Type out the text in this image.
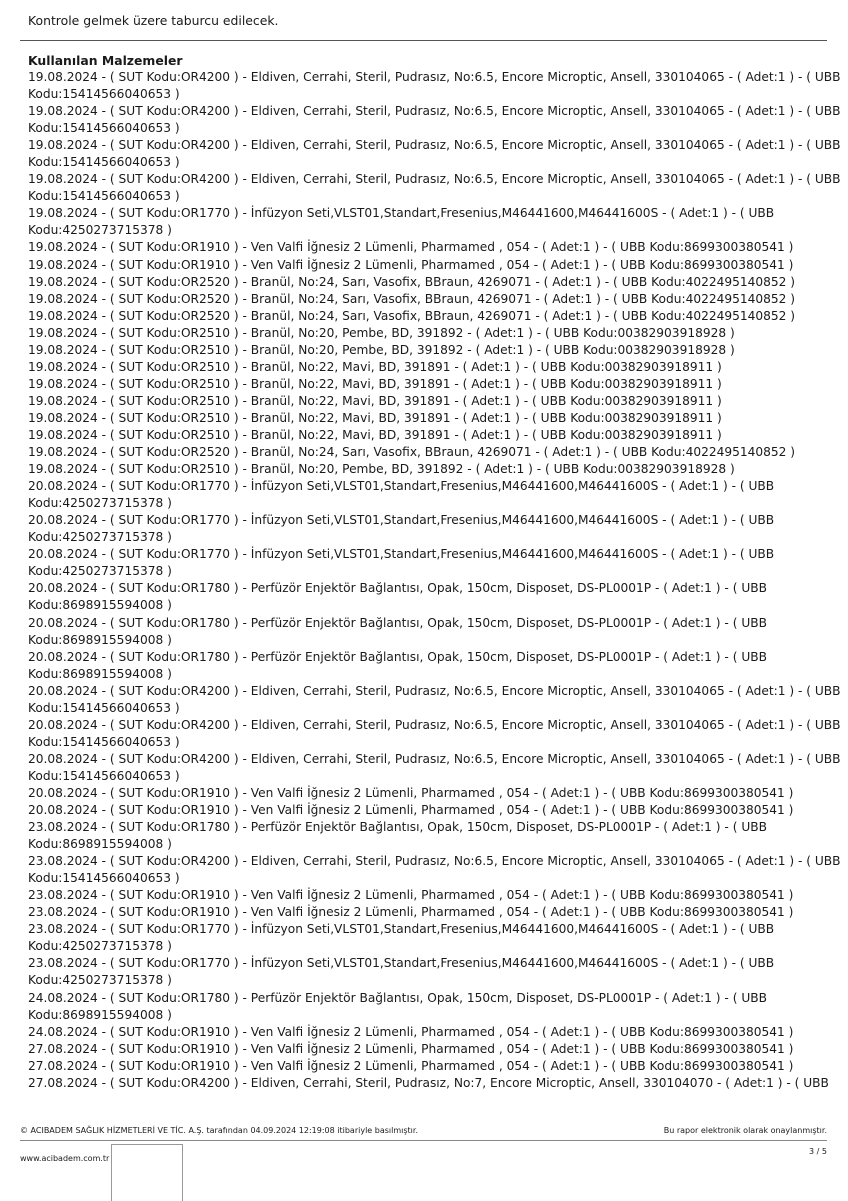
Kontrole gelmek üzere taburcu edilecek.
Kullanılan Malzemeler
19.08.2024 - ( SUT Kodu:OR4200 ) - Eldiven, Cerrahi, Steril, Pudrasız, No:6.5, Encore Microptic, Ansell, 330104065 - ( Adet:1 ) - ( UBB
Kodu:15414566040653 )
19.08.2024 - ( SUT Kodu:OR4200 ) - Eldiven, Cerrahi, Steril, Pudrasız, No:6.5, Encore Microptic, Ansell, 330104065 - ( Adet:1 ) - ( UBB
Kodu:15414566040653 )
19.08.2024 - ( SUT Kodu:OR4200 ) - Eldiven, Cerrahi, Steril, Pudrasız, No:6.5, Encore Microptic, Ansell, 330104065 - ( Adet:1 ) - ( UBB
Kodu:15414566040653 )
19.08.2024 - ( SUT Kodu:OR4200 ) - Eldiven, Cerrahi, Steril, Pudrasız, No:6.5, Encore Microptic, Ansell, 330104065 - ( Adet:1 ) - ( UBB
Kodu:15414566040653 )
19.08.2024 - ( SUT Kodu:OR1770 ) - İnfüzyon Seti,VLST01,Standart,Fresenius,M46441600,M46441600S - ( Adet:1 ) - ( UBB
Kodu:4250273715378 )
19.08.2024 - ( SUT Kodu:OR1910 ) - Ven Valfi İğnesiz 2 Lümenli, Pharmamed , 054 - ( Adet:1 ) - ( UBB Kodu:8699300380541 )
19.08.2024 - ( SUT Kodu:OR1910 ) - Ven Valfi İğnesiz 2 Lümenli, Pharmamed , 054 - ( Adet:1 ) - ( UBB Kodu:8699300380541 )
19.08.2024 - ( SUT Kodu:OR2520 ) - Branül, No:24, Sarı, Vasofix, BBraun, 4269071 - ( Adet:1 ) - ( UBB Kodu:4022495140852 )
19.08.2024 - ( SUT Kodu:OR2520 ) - Branül, No:24, Sarı, Vasofix, BBraun, 4269071 - ( Adet:1 ) - ( UBB Kodu:4022495140852 )
19.08.2024 - ( SUT Kodu:OR2520 ) - Branül, No:24, Sarı, Vasofix, BBraun, 4269071 - ( Adet:1 ) - ( UBB Kodu:4022495140852 )
19.08.2024 - ( SUT Kodu:OR2510 ) - Branül, No:20, Pembe, BD, 391892 - ( Adet:1 ) - ( UBB Kodu:00382903918928 )
19.08.2024 - ( SUT Kodu:OR2510 ) - Branül, No:20, Pembe, BD, 391892 - ( Adet:1 ) - ( UBB Kodu:00382903918928 )
19.08.2024 - ( SUT Kodu:OR2510 ) - Branül, No:22, Mavi, BD, 391891 - ( Adet:1 ) - ( UBB Kodu:00382903918911 )
19.08.2024 - ( SUT Kodu:OR2510 ) - Branül, No:22, Mavi, BD, 391891 - ( Adet:1 ) - ( UBB Kodu:00382903918911 )
19.08.2024 - ( SUT Kodu:OR2510 ) - Branül, No:22, Mavi, BD, 391891 - ( Adet:1 ) - ( UBB Kodu:00382903918911 )
19.08.2024 - ( SUT Kodu:OR2510 ) - Branül, No:22, Mavi, BD, 391891 - ( Adet:1 ) - ( UBB Kodu:00382903918911 )
19.08.2024 - ( SUT Kodu:OR2510 ) - Branül, No:22, Mavi, BD, 391891 - ( Adet:1 ) - ( UBB Kodu:00382903918911 )
19.08.2024 - ( SUT Kodu:OR2520 ) - Branül, No:24, Sarı, Vasofix, BBraun, 4269071 - ( Adet:1 ) - ( UBB Kodu:4022495140852 )
19.08.2024 - ( SUT Kodu:OR2510 ) - Branül, No:20, Pembe, BD, 391892 - ( Adet:1 ) - ( UBB Kodu:00382903918928 )
20.08.2024 - ( SUT Kodu:OR1770 ) - İnfüzyon Seti,VLST01,Standart,Fresenius,M46441600,M46441600S - ( Adet:1 ) - ( UBB
Kodu:4250273715378 )
20.08.2024 - ( SUT Kodu:OR1770 ) - İnfüzyon Seti,VLST01,Standart,Fresenius,M46441600,M46441600S - ( Adet:1 ) - ( UBB
Kodu:4250273715378 )
20.08.2024 - ( SUT Kodu:OR1770 ) - İnfüzyon Seti,VLST01,Standart,Fresenius,M46441600,M46441600S - ( Adet:1 ) - ( UBB
Kodu:4250273715378 )
20.08.2024 - ( SUT Kodu:OR1780 ) - Perfüzör Enjektör Bağlantısı, Opak, 150cm, Disposet, DS-PL0001P - ( Adet:1 ) - ( UBB
Kodu:8698915594008 )
20.08.2024 - ( SUT Kodu:OR1780 ) - Perfüzör Enjektör Bağlantısı, Opak, 150cm, Disposet, DS-PL0001P - ( Adet:1 ) - ( UBB
Kodu:8698915594008 )
20.08.2024 - ( SUT Kodu:OR1780 ) - Perfüzör Enjektör Bağlantısı, Opak, 150cm, Disposet, DS-PL0001P - ( Adet:1 ) - ( UBB
Kodu:8698915594008 )
20.08.2024 - ( SUT Kodu:OR4200 ) - Eldiven, Cerrahi, Steril, Pudrasız, No:6.5, Encore Microptic, Ansell, 330104065 - ( Adet:1 ) - ( UBB
Kodu:15414566040653 )
20.08.2024 - ( SUT Kodu:OR4200 ) - Eldiven, Cerrahi, Steril, Pudrasız, No:6.5, Encore Microptic, Ansell, 330104065 - ( Adet:1 ) - ( UBB
Kodu:15414566040653 )
20.08.2024 - ( SUT Kodu:OR4200 ) - Eldiven, Cerrahi, Steril, Pudrasız, No:6.5, Encore Microptic, Ansell, 330104065 - ( Adet:1 ) - ( UBB
Kodu:15414566040653 )
20.08.2024 - ( SUT Kodu:OR1910 ) - Ven Valfi İğnesiz 2 Lümenli, Pharmamed , 054 - ( Adet:1 ) - ( UBB Kodu:8699300380541 )
20.08.2024 - ( SUT Kodu:OR1910 ) - Ven Valfi İğnesiz 2 Lümenli, Pharmamed , 054 - ( Adet:1 ) - ( UBB Kodu:8699300380541 )
23.08.2024 - ( SUT Kodu:OR1780 ) - Perfüzör Enjektör Bağlantısı, Opak, 150cm, Disposet, DS-PL0001P - ( Adet:1 ) - ( UBB
Kodu:8698915594008 )
23.08.2024 - ( SUT Kodu:OR4200 ) - Eldiven, Cerrahi, Steril, Pudrasız, No:6.5, Encore Microptic, Ansell, 330104065 - ( Adet:1 ) - ( UBB
Kodu:15414566040653 )
23.08.2024 - ( SUT Kodu:OR1910 ) - Ven Valfi İğnesiz 2 Lümenli, Pharmamed , 054 - ( Adet:1 ) - ( UBB Kodu:8699300380541 )
23.08.2024 - ( SUT Kodu:OR1910 ) - Ven Valfi İğnesiz 2 Lümenli, Pharmamed , 054 - ( Adet:1 ) - ( UBB Kodu:8699300380541 )
23.08.2024 - ( SUT Kodu:OR1770 ) - İnfüzyon Seti,VLST01,Standart,Fresenius,M46441600,M46441600S - ( Adet:1 ) - ( UBB
Kodu:4250273715378 )
23.08.2024 - ( SUT Kodu:OR1770 ) - İnfüzyon Seti,VLST01,Standart,Fresenius,M46441600,M46441600S - ( Adet:1 ) - ( UBB
Kodu:4250273715378 )
24.08.2024 - ( SUT Kodu:OR1780 ) - Perfüzör Enjektör Bağlantısı, Opak, 150cm, Disposet, DS-PL0001P - ( Adet:1 ) - ( UBB
Kodu:8698915594008 )
24.08.2024 - ( SUT Kodu:OR1910 ) - Ven Valfi İğnesiz 2 Lümenli, Pharmamed , 054 - ( Adet:1 ) - ( UBB Kodu:8699300380541 )
27.08.2024 - ( SUT Kodu:OR1910 ) - Ven Valfi İğnesiz 2 Lümenli, Pharmamed , 054 - ( Adet:1 ) - ( UBB Kodu:8699300380541 )
27.08.2024 - ( SUT Kodu:OR1910 ) - Ven Valfi İğnesiz 2 Lümenli, Pharmamed , 054 - ( Adet:1 ) - ( UBB Kodu:8699300380541 )
27.08.2024 - ( SUT Kodu:OR4200 ) - Eldiven, Cerrahi, Steril, Pudrasız, No:7, Encore Microptic, Ansell, 330104070 - ( Adet:1 ) - ( UBB
© ACIBADEM SAĞLIK HİZMETLERİ VE TİC. A.Ş. tarafından 04.09.2024 12:19:08 itibariyle basılmıştır.	Bu rapor elektronik olarak onaylanmıştır.
www.acibadem.com.tr
3 / 5
